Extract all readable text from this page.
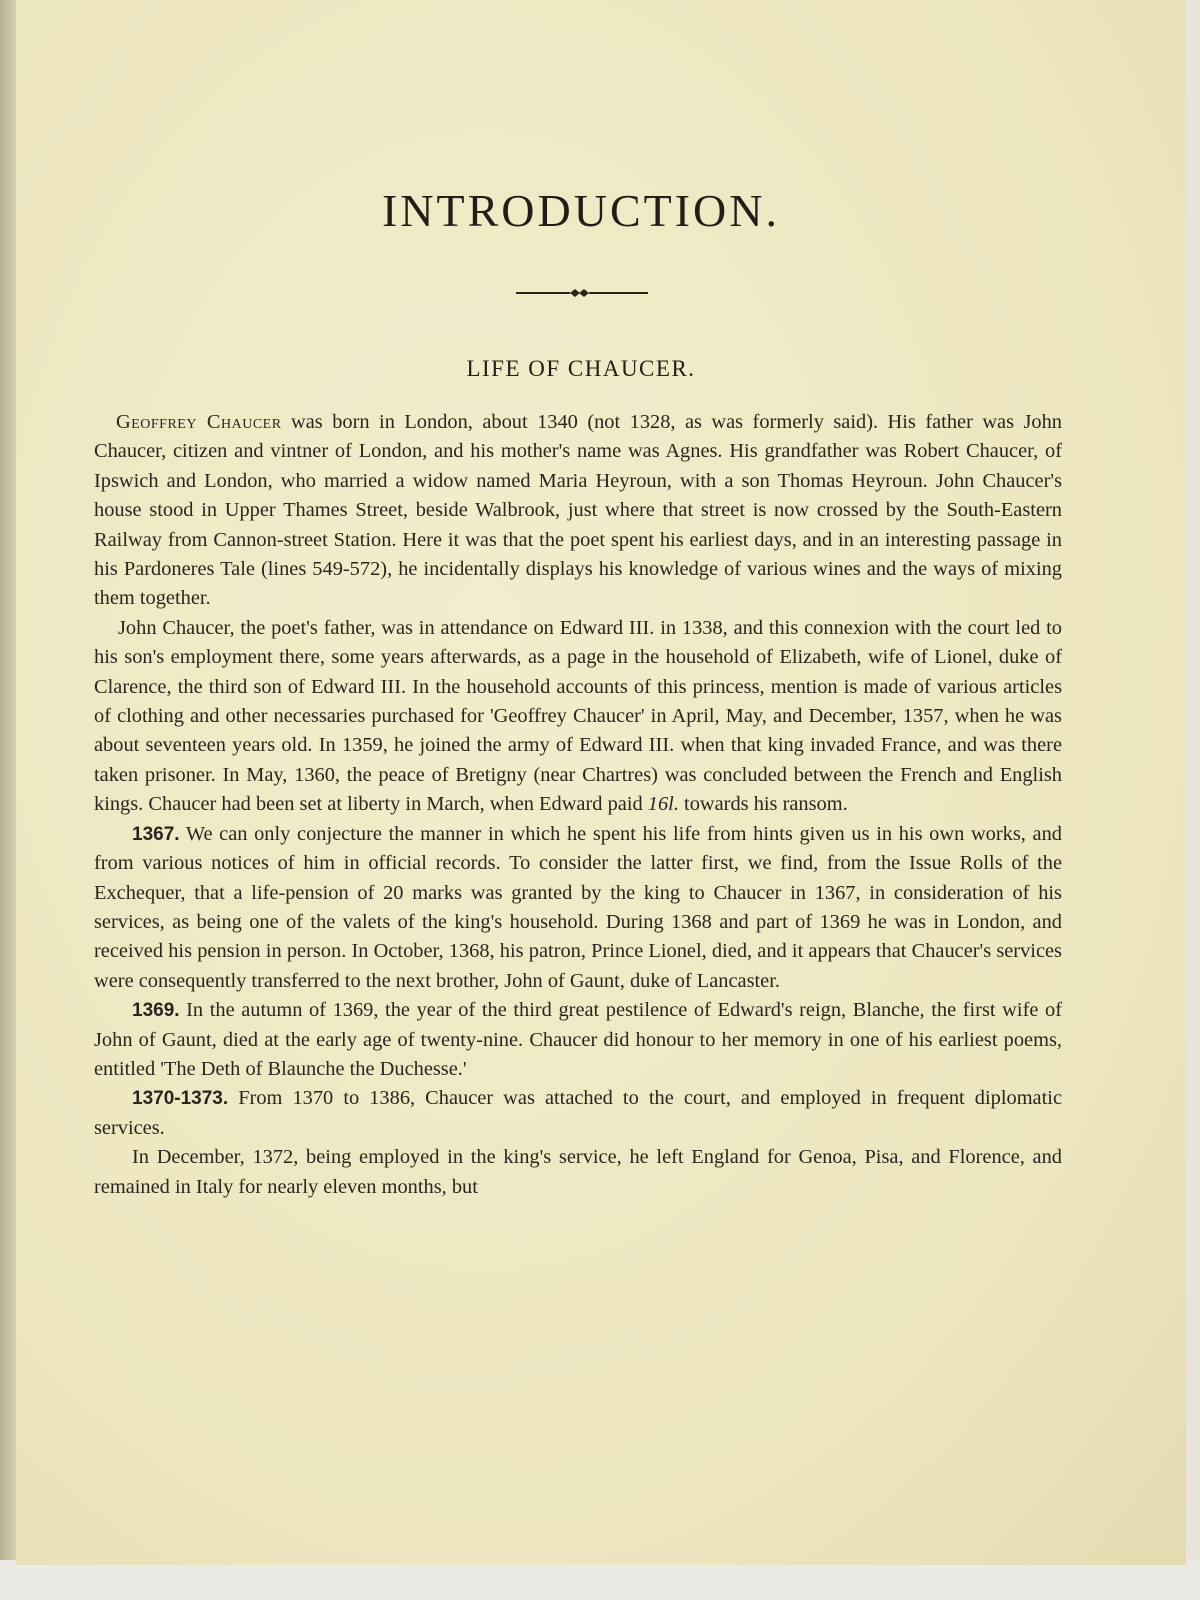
INTRODUCTION.
LIFE OF CHAUCER.

Geoffrey Chaucer was born in London, about 1340 (not 1328, as was formerly said). His father was John Chaucer, citizen and vintner of London, and his mother's name was Agnes. His grandfather was Robert Chaucer, of Ipswich and London, who married a widow named Maria Heyroun, with a son Thomas Heyroun. John Chaucer's house stood in Upper Thames Street, beside Walbrook, just where that street is now crossed by the South-Eastern Railway from Cannon-street Station. Here it was that the poet spent his earliest days, and in an interesting passage in his Pardoneres Tale (lines 549-572), he incidentally displays his knowledge of various wines and the ways of mixing them together.

John Chaucer, the poet's father, was in attendance on Edward III. in 1338, and this connexion with the court led to his son's employment there, some years afterwards, as a page in the household of Elizabeth, wife of Lionel, duke of Clarence, the third son of Edward III. In the household accounts of this princess, mention is made of various articles of clothing and other necessaries purchased for 'Geoffrey Chaucer' in April, May, and December, 1357, when he was about seventeen years old. In 1359, he joined the army of Edward III. when that king invaded France, and was there taken prisoner. In May, 1360, the peace of Bretigny (near Chartres) was concluded between the French and English kings. Chaucer had been set at liberty in March, when Edward paid 16l. towards his ransom.

1367. We can only conjecture the manner in which he spent his life from hints given us in his own works, and from various notices of him in official records. To consider the latter first, we find, from the Issue Rolls of the Exchequer, that a life-pension of 20 marks was granted by the king to Chaucer in 1367, in consideration of his services, as being one of the valets of the king's household. During 1368 and part of 1369 he was in London, and received his pension in person. In October, 1368, his patron, Prince Lionel, died, and it appears that Chaucer's services were consequently transferred to the next brother, John of Gaunt, duke of Lancaster.

1369. In the autumn of 1369, the year of the third great pestilence of Edward's reign, Blanche, the first wife of John of Gaunt, died at the early age of twenty-nine. Chaucer did honour to her memory in one of his earliest poems, entitled 'The Deth of Blaunche the Duchesse.'

1370-1373. From 1370 to 1386, Chaucer was attached to the court, and employed in frequent diplomatic services.

In December, 1372, being employed in the king's service, he left England for Genoa, Pisa, and Florence, and remained in Italy for nearly eleven months, but
